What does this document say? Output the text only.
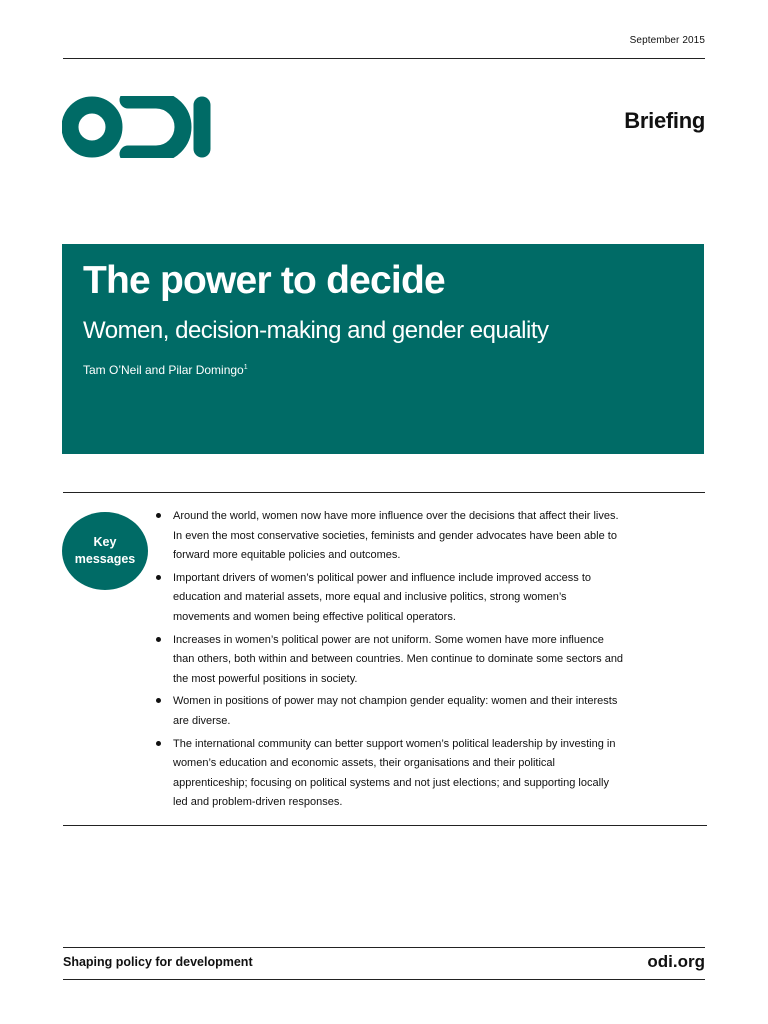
September 2015
Briefing
The power to decide
Women, decision-making and gender equality
Tam O’Neil and Pilar Domingo$^1$
Key
messages
Around the world, women now have more influence over the decisions that affect their lives. In even the most conservative societies, feminists and gender advocates have been able to forward more equitable policies and outcomes.
Important drivers of women’s political power and influence include improved access to education and material assets, more equal and inclusive politics, strong women’s movements and women being effective political operators.
Increases in women’s political power are not uniform. Some women have more influence than others, both within and between countries. Men continue to dominate some sectors and the most powerful positions in society.
Women in positions of power may not champion gender equality: women and their interests are diverse.
The international community can better support women’s political leadership by investing in women’s education and economic assets, their organisations and their political apprenticeship; focusing on political systems and not just elections; and supporting locally led and problem-driven responses.
Shaping policy for development	odi.org
